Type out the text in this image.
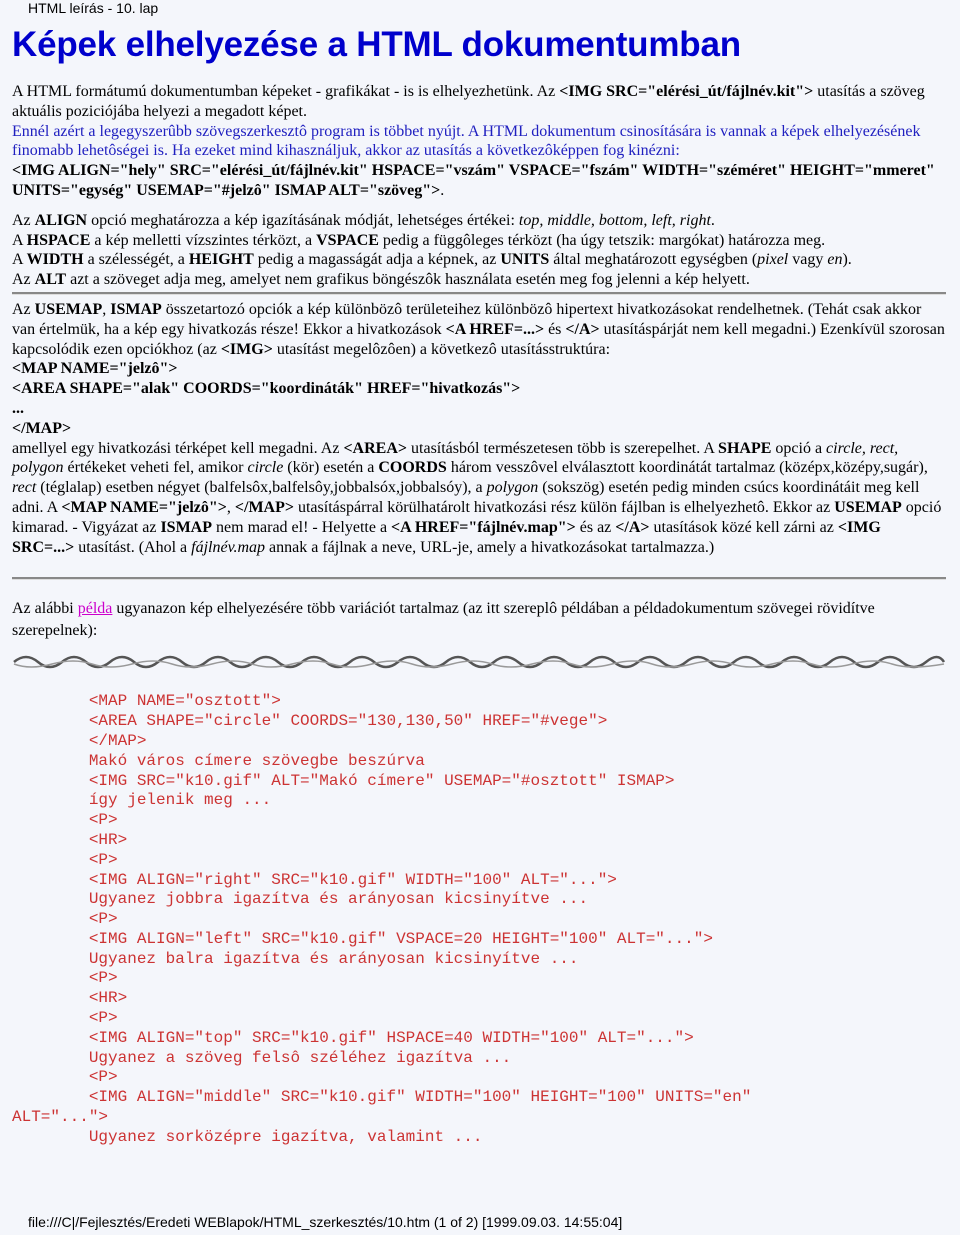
HTML leírás - 10. lap
Képek elhelyezése a HTML dokumentumban

A HTML formátumú dokumentumban képeket - grafikákat - is is elhelyezhetünk. Az <IMG SRC="elérési_út/fájlnév.kit"> utasítás a szöveg aktuális poziciójába helyezi a megadott képet.

Ennél azért a legegyszerûbb szövegszerkesztô program is többet nyújt. A HTML dokumentum csinosítására is vannak a képek elhelyezésének finomabb lehetôségei is. Ha ezeket mind kihasználjuk, akkor az utasítás a következôképpen fog kinézni:
<IMG ALIGN="hely" SRC="elérési_út/fájlnév.kit" HSPACE="vszám" VSPACE="fszám" WIDTH="széméret" HEIGHT="mmeret" UNITS="egység" USEMAP="#jelzô" ISMAP ALT="szöveg">.

Az ALIGN opció meghatározza a kép igazításának módját, lehetséges értékei: top, middle, bottom, left, right.

A HSPACE a kép melletti vízszintes térközt, a VSPACE pedig a függôleges térközt (ha úgy tetszik: margókat) határozza meg.

A WIDTH a szélességét, a HEIGHT pedig a magasságát adja a képnek, az UNITS által meghatározott egységben (pixel vagy en).

Az ALT azt a szöveget adja meg, amelyet nem grafikus böngészôk használata esetén meg fog jelenni a kép helyett.

Az USEMAP, ISMAP összetartozó opciók a kép különbözô területeihez különbözô hipertext hivatkozásokat rendelhetnek. (Tehát csak akkor van értelmük, ha a kép egy hivatkozás része! Ekkor a hivatkozások <A HREF=...> és </A> utasításpárját nem kell megadni.) Ezenkívül szorosan kapcsolódik ezen opciókhoz (az <IMG> utasítást megelôzôen) a következô utasításstruktúra:

<MAP NAME="jelzô">

<AREA SHAPE="alak" COORDS="koordináták" HREF="hivatkozás">

...

</MAP>

amellyel egy hivatkozási térképet kell megadni. Az <AREA> utasításból természetesen több is szerepelhet. A SHAPE opció a circle, rect, polygon értékeket veheti fel, amikor circle (kör) esetén a COORDS három vesszôvel elválasztott koordinátát tartalmaz (középx,középy,sugár), rect (téglalap) esetben négyet (balfelsôx,balfelsôy,jobbalsóx,jobbalsóy), a polygon (sokszög) esetén pedig minden csúcs koordinátáit meg kell adni. A <MAP NAME="jelzô">, </MAP> utasításpárral körülhatárolt hivatkozási rész külön fájlban is elhelyezhetô. Ekkor az USEMAP opció kimarad. - Vigyázat az ISMAP nem marad el! - Helyette a <A HREF="fájlnév.map"> és az </A> utasítások közé kell zárni az <IMG SRC=...> utasítást. (Ahol a fájlnév.map annak a fájlnak a neve, URL-je, amely a hivatkozásokat tartalmazza.)

Az alábbi példa ugyanazon kép elhelyezésére több variációt tartalmaz (az itt szereplô példában a példadokumentum szövegei rövidítve szerepelnek):

<MAP NAME="osztott">
<AREA SHAPE="circle" COORDS="130,130,50" HREF="#vege">
</MAP>
Makó város címere szövegbe beszúrva
<IMG SRC="k10.gif" ALT="Makó címere" USEMAP="#osztott" ISMAP>
így jelenik meg ...
<P>
<HR>
<P>
<IMG ALIGN="right" SRC="k10.gif" WIDTH="100" ALT="...">
Ugyanez jobbra igazítva és arányosan kicsinyítve ...
<P>
<IMG ALIGN="left" SRC="k10.gif" VSPACE=20 HEIGHT="100" ALT="...">
Ugyanez balra igazítva és arányosan kicsinyítve ...
<P>
<HR>
<P>
<IMG ALIGN="top" SRC="k10.gif" HSPACE=40 WIDTH="100" ALT="...">
Ugyanez a szöveg felsô széléhez igazítva ...
<P>
<IMG ALIGN="middle" SRC="k10.gif" WIDTH="100" HEIGHT="100" UNITS="en"
ALT="...">
Ugyanez sorközépre igazítva, valamint ...
file:///C|/Fejlesztés/Eredeti WEBlapok/HTML_szerkesztés/10.htm (1 of 2) [1999.09.03. 14:55:04]
